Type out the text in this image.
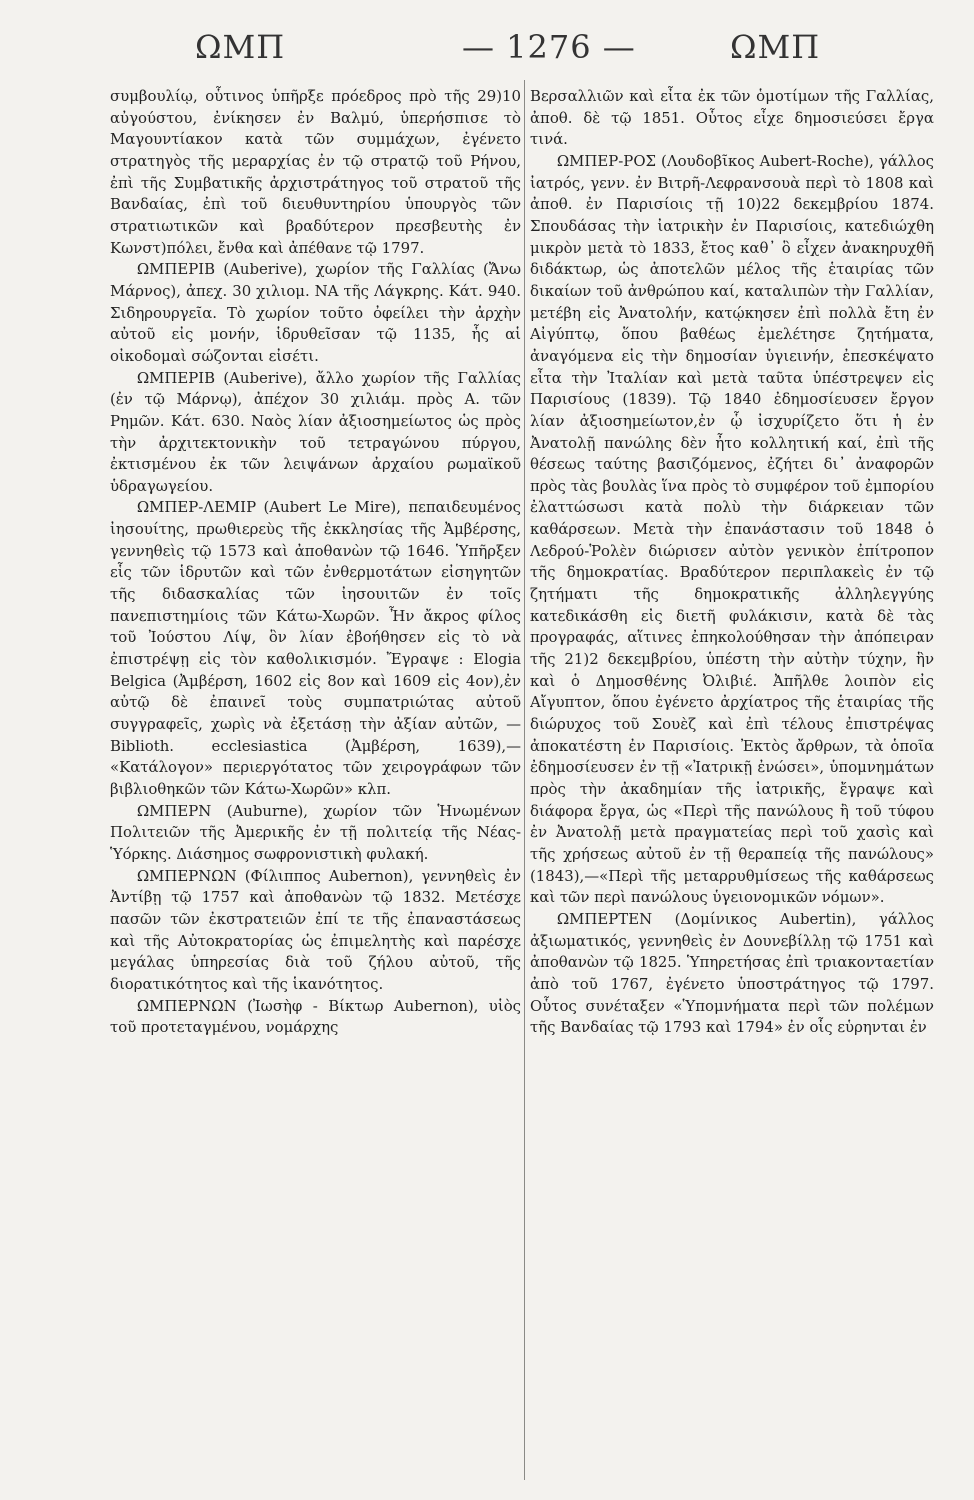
ΩΜΠ	— 1276 —	ΩΜΠ

συμβουλίῳ, οὗτινος ὑπῆρξε πρόεδρος πρὸ τῆς 29)10 αὐγούστου, ἐνίκησεν ἐν Βαλμύ, ὑπερήσπισε τὸ Μαγουντίακον κατὰ τῶν συμμάχων, ἐγένετο στρατηγὸς τῆς μεραρχίας ἐν τῷ στρατῷ τοῦ Ρήνου, ἐπὶ τῆς Συμβατικῆς ἀρχιστράτηγος τοῦ στρατοῦ τῆς Βανδαίας, ἐπὶ τοῦ διευθυντηρίου ὑπουργὸς τῶν στρατιωτικῶν καὶ βραδύτερον πρεσβευτὴς ἐν Κωνστ)πόλει, ἔνθα καὶ ἀπέθανε τῷ 1797.

ΩΜΠΕΡΙΒ (Auberive), χωρίον τῆς Γαλλίας (Ἄνω Μάρνος), ἀπεχ. 30 χιλιομ. ΝΑ τῆς Λάγκρης. Κάτ. 940. Σιδηρουργεῖα. Τὸ χωρίον τοῦτο ὀφείλει τὴν ἀρχὴν αὐτοῦ εἰς μονήν, ἱδρυθεῖσαν τῷ 1135, ἧς αἱ οἰκοδομαὶ σώζονται εἰσέτι.

ΩΜΠΕΡΙΒ (Auberive), ἄλλο χωρίον τῆς Γαλλίας (ἐν τῷ Μάρνῳ), ἀπέχον 30 χιλιάμ. πρὸς Α. τῶν Ρημῶν. Κάτ. 630. Ναὸς λίαν ἀξιοσημείωτος ὡς πρὸς τὴν ἀρχιτεκτονικὴν τοῦ τετραγώνου πύργου, ἐκτισμένου ἐκ τῶν λειψάνων ἀρχαίου ρωμαϊκοῦ ὑδραγωγείου.

ΩΜΠΕΡ-ΛΕΜΙΡ (Aubert Le Mire), πεπαιδευμένος ἰησουίτης, πρωθιερεὺς τῆς ἐκκλησίας τῆς Ἀμβέρσης, γεννηθεὶς τῷ 1573 καὶ ἀποθανὼν τῷ 1646. Ὑπῆρξεν εἷς τῶν ἱδρυτῶν καὶ τῶν ἐνθερμοτάτων εἰσηγητῶν τῆς διδασκαλίας τῶν ἰησουιτῶν ἐν τοῖς πανεπιστημίοις τῶν Κάτω-Χωρῶν. Ἦν ἄκρος φίλος τοῦ Ἰούστου Λίψ, ὃν λίαν ἐβοήθησεν εἰς τὸ νὰ ἐπιστρέψῃ εἰς τὸν καθολικισμόν. Ἔγραψε : Elogia Belgica (Ἀμβέρση, 1602 εἰς 8ον καὶ 1609 εἰς 4ον),ἐν αὐτῷ δὲ ἐπαινεῖ τοὺς συμπατριώτας αὐτοῦ συγγραφεῖς, χωρὶς νὰ ἐξετάσῃ τὴν ἀξίαν αὐτῶν, — Biblioth. ecclesiastica (Ἀμβέρση, 1639),— «Κατάλογον» περιεργότατος τῶν χειρογράφων τῶν βιβλιοθηκῶν τῶν Κάτω-Χωρῶν» κλπ.

ΩΜΠΕΡΝ (Auburne), χωρίον τῶν Ἡνωμένων Πολιτειῶν τῆς Ἀμερικῆς ἐν τῇ πολιτείᾳ τῆς Νέας-Ὑόρκης. Διάσημος σωφρονιστικὴ φυλακή.

ΩΜΠΕΡΝΩΝ (Φίλιππος Aubernon), γεννηθεὶς ἐν Ἀντίβῃ τῷ 1757 καὶ ἀποθανὼν τῷ 1832. Μετέσχε πασῶν τῶν ἐκστρατειῶν ἐπί τε τῆς ἐπαναστάσεως καὶ τῆς Αὐτοκρατορίας ὡς ἐπιμελητὴς καὶ παρέσχε μεγάλας ὑπηρεσίας διὰ τοῦ ζήλου αὐτοῦ, τῆς διορατικότητος καὶ τῆς ἱκανότητος.

ΩΜΠΕΡΝΩΝ (Ἰωσὴφ - Βίκτωρ Aubernon), υἱὸς τοῦ προτεταγμένου, νομάρχης

Βερσαλλιῶν καὶ εἶτα ἐκ τῶν ὁμοτίμων τῆς Γαλλίας, ἀποθ. δὲ τῷ 1851. Οὗτος εἶχε δημοσιεύσει ἔργα τινά.

ΩΜΠΕΡ-ΡΟΣ (Λουδοβῖκος Aubert-Roche), γάλλος ἰατρός, γενν. ἐν Βιτρῆ-Λεφρανσουὰ περὶ τὸ 1808 καὶ ἀποθ. ἐν Παρισίοις τῇ 10)22 δεκεμβρίου 1874. Σπουδάσας τὴν ἰατρικὴν ἐν Παρισίοις, κατεδιώχθη μικρὸν μετὰ τὸ 1833, ἔτος καθ᾽ ὃ εἶχεν ἀνακηρυχθῆ διδάκτωρ, ὡς ἀποτελῶν μέλος τῆς ἑταιρίας τῶν δικαίων τοῦ ἀνθρώπου καί, καταλιπὼν τὴν Γαλλίαν, μετέβη εἰς Ἀνατολήν, κατῴκησεν ἐπὶ πολλὰ ἔτη ἐν Αἰγύπτῳ, ὅπου βαθέως ἐμελέτησε ζητήματα, ἀναγόμενα εἰς τὴν δημοσίαν ὑγιεινήν, ἐπεσκέψατο εἶτα τὴν Ἰταλίαν καὶ μετὰ ταῦτα ὑπέστρεψεν εἰς Παρισίους (1839). Τῷ 1840 ἐδημοσίευσεν ἔργον λίαν ἀξιοσημείωτον,ἐν ᾧ ἰσχυρίζετο ὅτι ἡ ἐν Ἀνατολῇ πανώλης δὲν ἦτο κολλητική καί, ἐπὶ τῆς θέσεως ταύτης βασιζόμενος, ἐζήτει δι᾽ ἀναφορῶν πρὸς τὰς βουλὰς ἵνα πρὸς τὸ συμφέρον τοῦ ἐμπορίου ἐλαττώσωσι κατὰ πολὺ τὴν διάρκειαν τῶν καθάρσεων. Μετὰ τὴν ἐπανάστασιν τοῦ 1848 ὁ Λεδρού-Ῥολὲν διώρισεν αὐτὸν γενικὸν ἐπίτροπον τῆς δημοκρατίας. Βραδύτερον περιπλακεὶς ἐν τῷ ζητήματι τῆς δημοκρατικῆς ἀλληλεγγύης κατεδικάσθη εἰς διετῆ φυλάκισιν, κατὰ δὲ τὰς προγραφάς, αἵτινες ἐπηκολούθησαν τὴν ἀπόπειραν τῆς 21)2 δεκεμβρίου, ὑπέστη τὴν αὐτὴν τύχην, ἣν καὶ ὁ Δημοσθένης Ὀλιβιέ. Ἀπῆλθε λοιπὸν εἰς Αἴγυπτον, ὅπου ἐγένετο ἀρχίατρος τῆς ἑταιρίας τῆς διώρυχος τοῦ Σουὲζ καὶ ἐπὶ τέλους ἐπιστρέψας ἀποκατέστη ἐν Παρισίοις. Ἐκτὸς ἄρθρων, τὰ ὁποῖα ἐδημοσίευσεν ἐν τῇ «Ἰατρικῇ ἐνώσει», ὑπομνημάτων πρὸς τὴν ἀκαδημίαν τῆς ἰατρικῆς, ἔγραψε καὶ διάφορα ἔργα, ὡς «Περὶ τῆς πανώλους ἢ τοῦ τύφου ἐν Ἀνατολῇ μετὰ πραγματείας περὶ τοῦ χασὶς καὶ τῆς χρήσεως αὐτοῦ ἐν τῇ θεραπείᾳ τῆς πανώλους» (1843),—«Περὶ τῆς μεταρρυθμίσεως τῆς καθάρσεως καὶ τῶν περὶ πανώλους ὑγειονομικῶν νόμων».

ΩΜΠΕΡΤΕΝ (Δομίνικος Aubertin), γάλλος ἀξιωματικός, γεννηθεὶς ἐν Δουνεβίλλῃ τῷ 1751 καὶ ἀποθανὼν τῷ 1825. Ὑπηρετήσας ἐπὶ τριακονταετίαν ἀπὸ τοῦ 1767, ἐγένετο ὑποστράτηγος τῷ 1797. Οὗτος συνέταξεν «Ὑπομνήματα περὶ τῶν πολέμων τῆς Βανδαίας τῷ 1793 καὶ 1794» ἐν οἷς εὑρηνται ἐν
